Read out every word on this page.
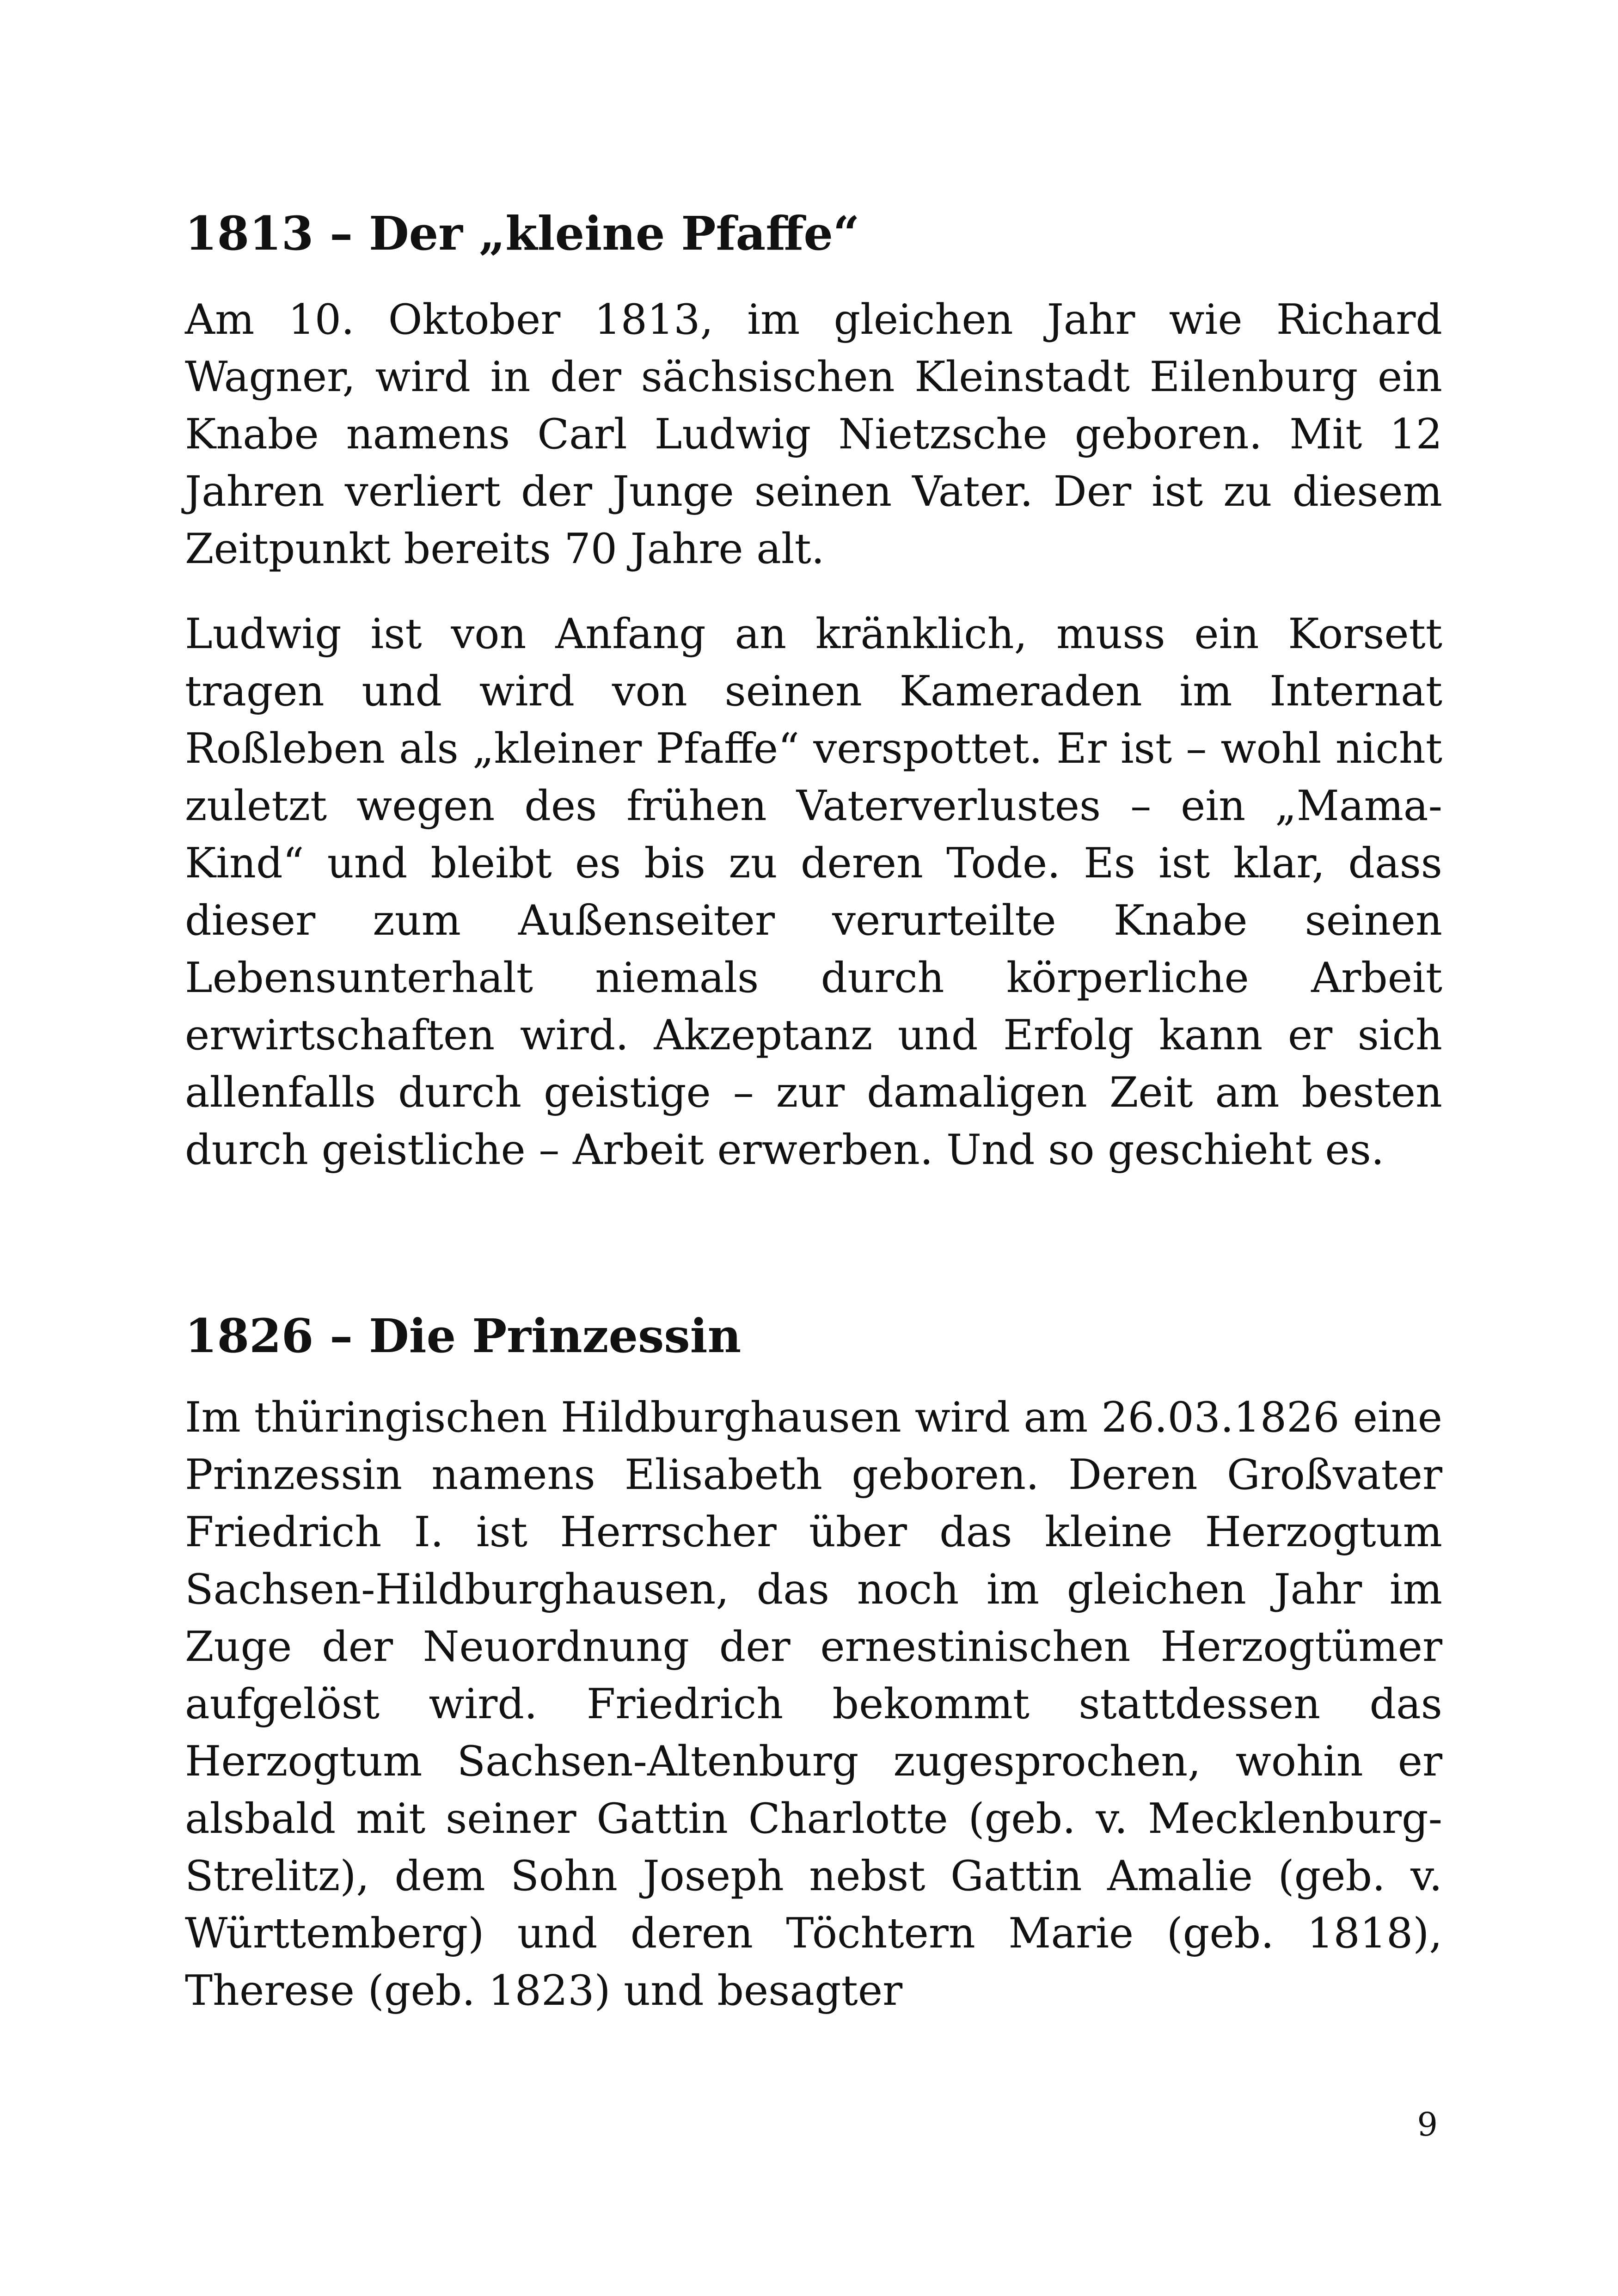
1813 – Der „kleine Pfaffe“

Am 10. Oktober 1813, im gleichen Jahr wie Richard Wagner, wird in der sächsischen Kleinstadt Eilenburg ein Knabe namens Carl Ludwig Nietzsche geboren. Mit 12 Jahren verliert der Junge seinen Vater. Der ist zu diesem Zeitpunkt bereits 70 Jahre alt.

Ludwig ist von Anfang an kränklich, muss ein Korsett tragen und wird von seinen Kameraden im Internat Roßleben als „kleiner Pfaffe“ verspottet. Er ist – wohl nicht zuletzt wegen des frühen Vaterverlustes – ein „Mama-Kind“ und bleibt es bis zu deren Tode. Es ist klar, dass dieser zum Außenseiter verurteilte Knabe seinen Lebensunterhalt niemals durch körperliche Arbeit erwirtschaften wird. Akzeptanz und Erfolg kann er sich allenfalls durch geistige – zur damaligen Zeit am besten durch geistliche – Arbeit erwerben. Und so geschieht es.

1826 – Die Prinzessin

Im thüringischen Hildburghausen wird am 26.03.1826 eine Prinzessin namens Elisabeth geboren. Deren Großvater Friedrich I. ist Herrscher über das kleine Herzogtum Sachsen-Hildburghausen, das noch im gleichen Jahr im Zuge der Neuordnung der ernestinischen Herzogtümer aufgelöst wird. Friedrich bekommt stattdessen das Herzogtum Sachsen-Altenburg zugesprochen, wohin er alsbald mit seiner Gattin Charlotte (geb. v. Mecklenburg-Strelitz), dem Sohn Joseph nebst Gattin Amalie (geb. v. Württemberg) und deren Töchtern Marie (geb. 1818), Therese (geb. 1823) und besagter

9
